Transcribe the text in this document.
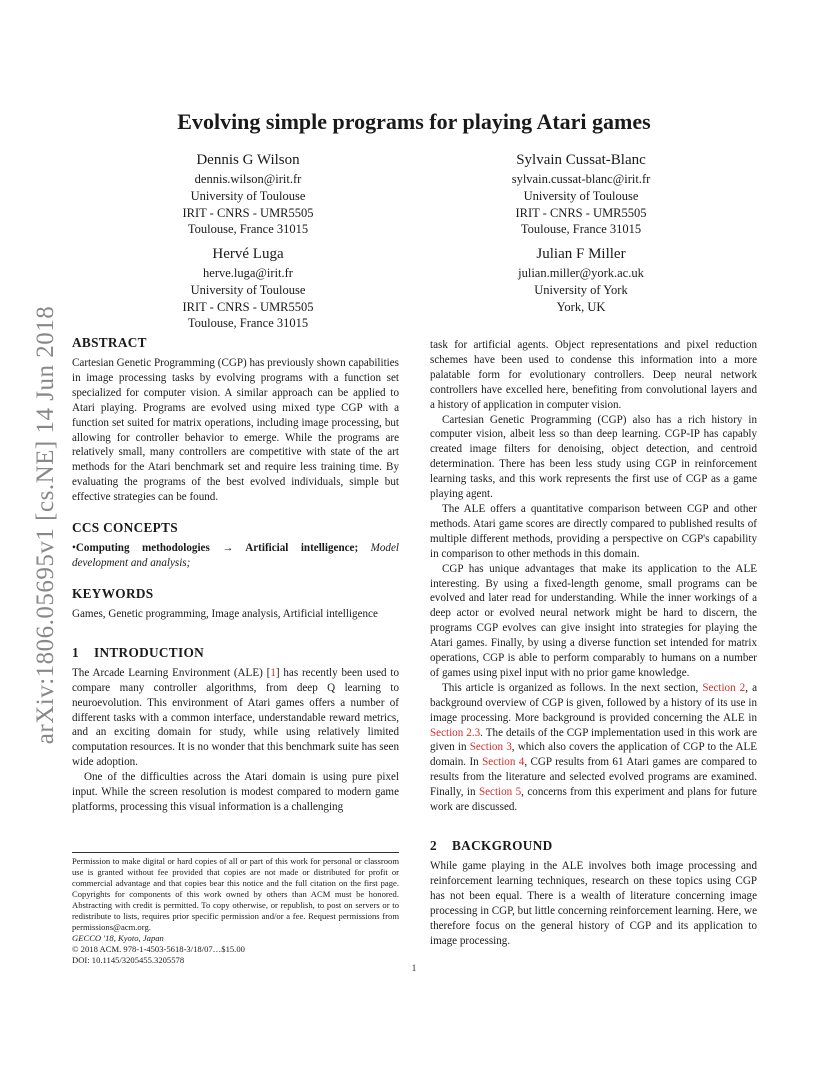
arXiv:1806.05695v1 [cs.NE] 14 Jun 2018
Evolving simple programs for playing Atari games
Dennis G Wilson
dennis.wilson@irit.fr
University of Toulouse
IRIT - CNRS - UMR5505
Toulouse, France 31015
Sylvain Cussat-Blanc
sylvain.cussat-blanc@irit.fr
University of Toulouse
IRIT - CNRS - UMR5505
Toulouse, France 31015
Hervé Luga
herve.luga@irit.fr
University of Toulouse
IRIT - CNRS - UMR5505
Toulouse, France 31015
Julian F Miller
julian.miller@york.ac.uk
University of York
York, UK
ABSTRACT

Cartesian Genetic Programming (CGP) has previously shown capabilities in image processing tasks by evolving programs with a function set specialized for computer vision. A similar approach can be applied to Atari playing. Programs are evolved using mixed type CGP with a function set suited for matrix operations, including image processing, but allowing for controller behavior to emerge. While the programs are relatively small, many controllers are competitive with state of the art methods for the Atari benchmark set and require less training time. By evaluating the programs of the best evolved individuals, simple but effective strategies can be found.

CCS CONCEPTS

•Computing methodologies → Artificial intelligence; Model development and analysis;

KEYWORDS

Games, Genetic programming, Image analysis, Artificial intelligence

1 INTRODUCTION

The Arcade Learning Environment (ALE) [1] has recently been used to compare many controller algorithms, from deep Q learning to neuroevolution. This environment of Atari games offers a number of different tasks with a common interface, understandable reward metrics, and an exciting domain for study, while using relatively limited computation resources. It is no wonder that this benchmark suite has seen wide adoption.

One of the difficulties across the Atari domain is using pure pixel input. While the screen resolution is modest compared to modern game platforms, processing this visual information is a challenging

task for artificial agents. Object representations and pixel reduction schemes have been used to condense this information into a more palatable form for evolutionary controllers. Deep neural network controllers have excelled here, benefiting from convolutional layers and a history of application in computer vision.

Cartesian Genetic Programming (CGP) also has a rich history in computer vision, albeit less so than deep learning. CGP-IP has capably created image filters for denoising, object detection, and centroid determination. There has been less study using CGP in reinforcement learning tasks, and this work represents the first use of CGP as a game playing agent.

The ALE offers a quantitative comparison between CGP and other methods. Atari game scores are directly compared to published results of multiple different methods, providing a perspective on CGP's capability in comparison to other methods in this domain.

CGP has unique advantages that make its application to the ALE interesting. By using a fixed-length genome, small programs can be evolved and later read for understanding. While the inner workings of a deep actor or evolved neural network might be hard to discern, the programs CGP evolves can give insight into strategies for playing the Atari games. Finally, by using a diverse function set intended for matrix operations, CGP is able to perform comparably to humans on a number of games using pixel input with no prior game knowledge.

This article is organized as follows. In the next section, Section 2, a background overview of CGP is given, followed by a history of its use in image processing. More background is provided concerning the ALE in Section 2.3. The details of the CGP implementation used in this work are given in Section 3, which also covers the application of CGP to the ALE domain. In Section 4, CGP results from 61 Atari games are compared to results from the literature and selected evolved programs are examined. Finally, in Section 5, concerns from this experiment and plans for future work are discussed.

2 BACKGROUND

While game playing in the ALE involves both image processing and reinforcement learning techniques, research on these topics using CGP has not been equal. There is a wealth of literature concerning image processing in CGP, but little concerning reinforcement learning. Here, we therefore focus on the general history of CGP and its application to image processing.

Permission to make digital or hard copies of all or part of this work for personal or classroom use is granted without fee provided that copies are not made or distributed for profit or commercial advantage and that copies bear this notice and the full citation on the first page. Copyrights for components of this work owned by others than ACM must be honored. Abstracting with credit is permitted. To copy otherwise, or republish, to post on servers or to redistribute to lists, requires prior specific permission and/or a fee. Request permissions from permissions@acm.org.
GECCO '18, Kyoto, Japan
© 2018 ACM. 978-1-4503-5618-3/18/07…$15.00
DOI: 10.1145/3205455.3205578
1
